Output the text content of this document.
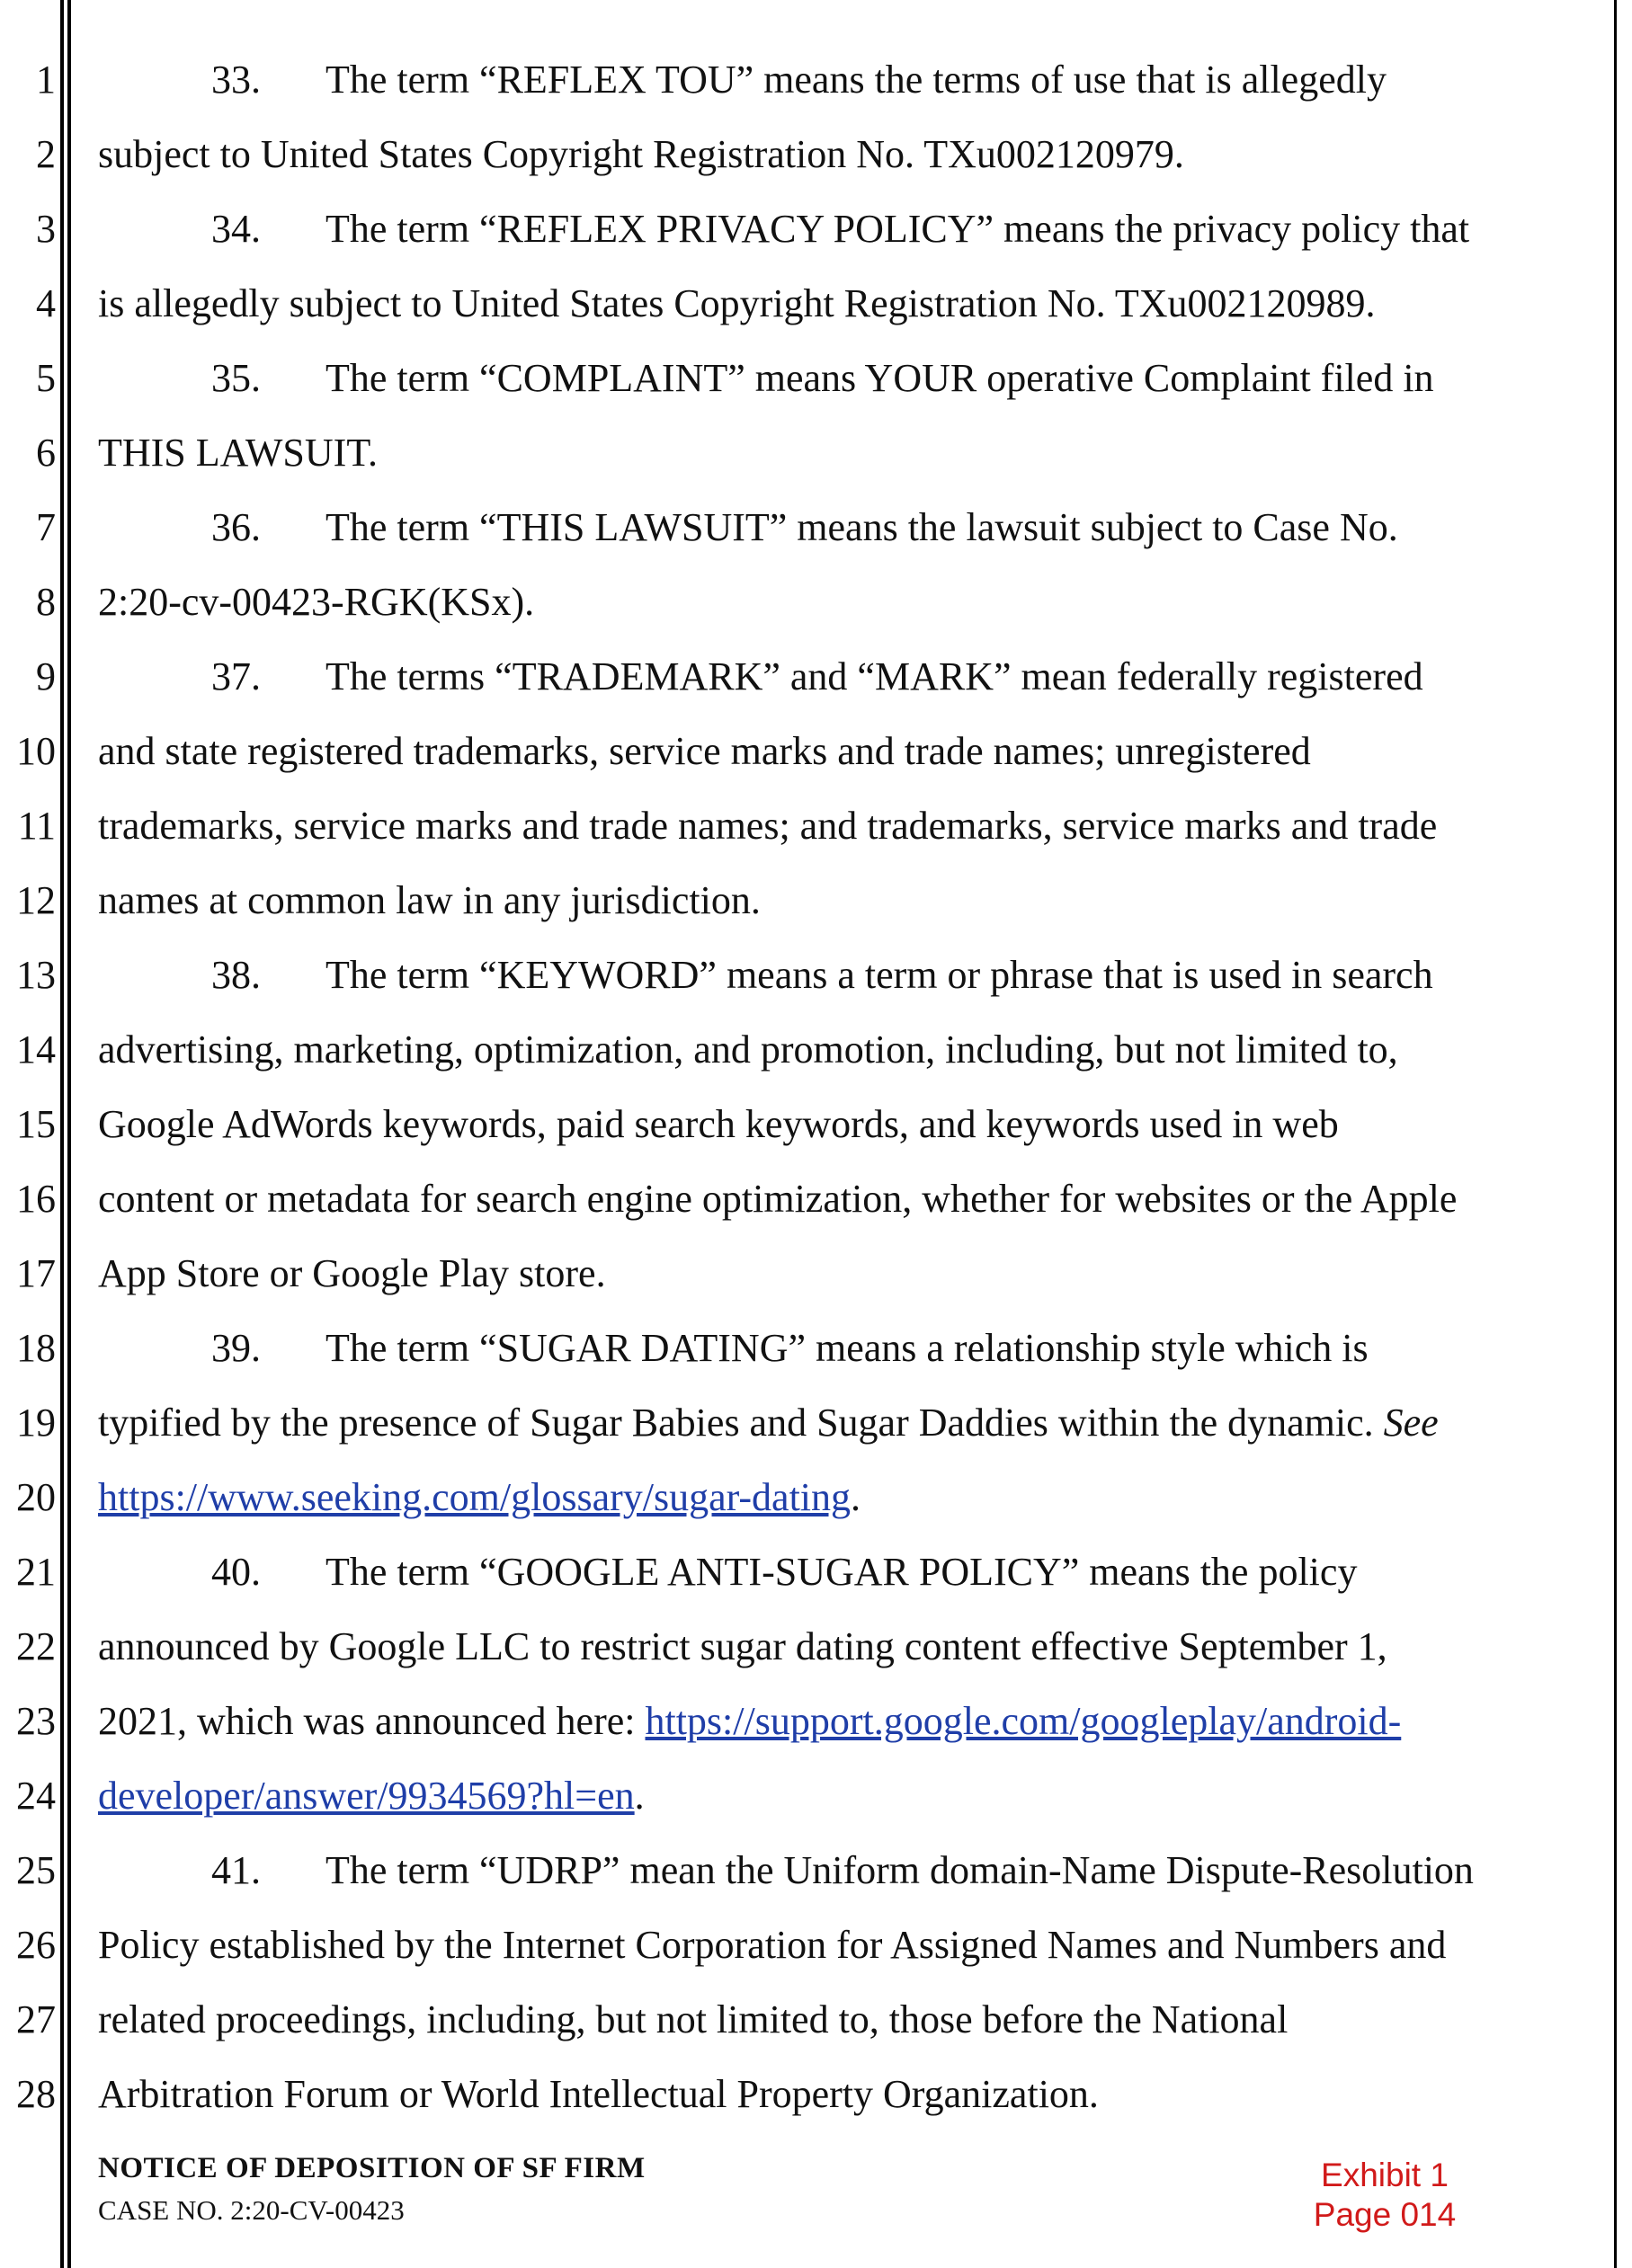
1
2
3
4
5
6
7
8
9
10
11
12
13
14
15
16
17
18
19
20
21
22
23
24
25
26
27
28
33. The term “REFLEX TOU” means the terms of use that is allegedly
subject to United States Copyright Registration No. TXu002120979.
34. The term “REFLEX PRIVACY POLICY” means the privacy policy that
is allegedly subject to United States Copyright Registration No. TXu002120989.
35. The term “COMPLAINT” means YOUR operative Complaint filed in
THIS LAWSUIT.
36. The term “THIS LAWSUIT” means the lawsuit subject to Case No.
2:20-cv-00423-RGK(KSx).
37. The terms “TRADEMARK” and “MARK” mean federally registered
and state registered trademarks, service marks and trade names; unregistered
trademarks, service marks and trade names; and trademarks, service marks and trade
names at common law in any jurisdiction.
38. The term “KEYWORD” means a term or phrase that is used in search
advertising, marketing, optimization, and promotion, including, but not limited to,
Google AdWords keywords, paid search keywords, and keywords used in web
content or metadata for search engine optimization, whether for websites or the Apple
App Store or Google Play store.
39. The term “SUGAR DATING” means a relationship style which is
typified by the presence of Sugar Babies and Sugar Daddies within the dynamic. See
https://www.seeking.com/glossary/sugar-dating.
40. The term “GOOGLE ANTI-SUGAR POLICY” means the policy
announced by Google LLC to restrict sugar dating content effective September 1,
2021, which was announced here: https://support.google.com/googleplay/android-
developer/answer/9934569?hl=en.
41. The term “UDRP” mean the Uniform domain-Name Dispute-Resolution
Policy established by the Internet Corporation for Assigned Names and Numbers and
related proceedings, including, but not limited to, those before the National
Arbitration Forum or World Intellectual Property Organization.
NOTICE OF DEPOSITION OF SF FIRM
CASE NO. 2:20-CV-00423
Exhibit 1
Page 014
